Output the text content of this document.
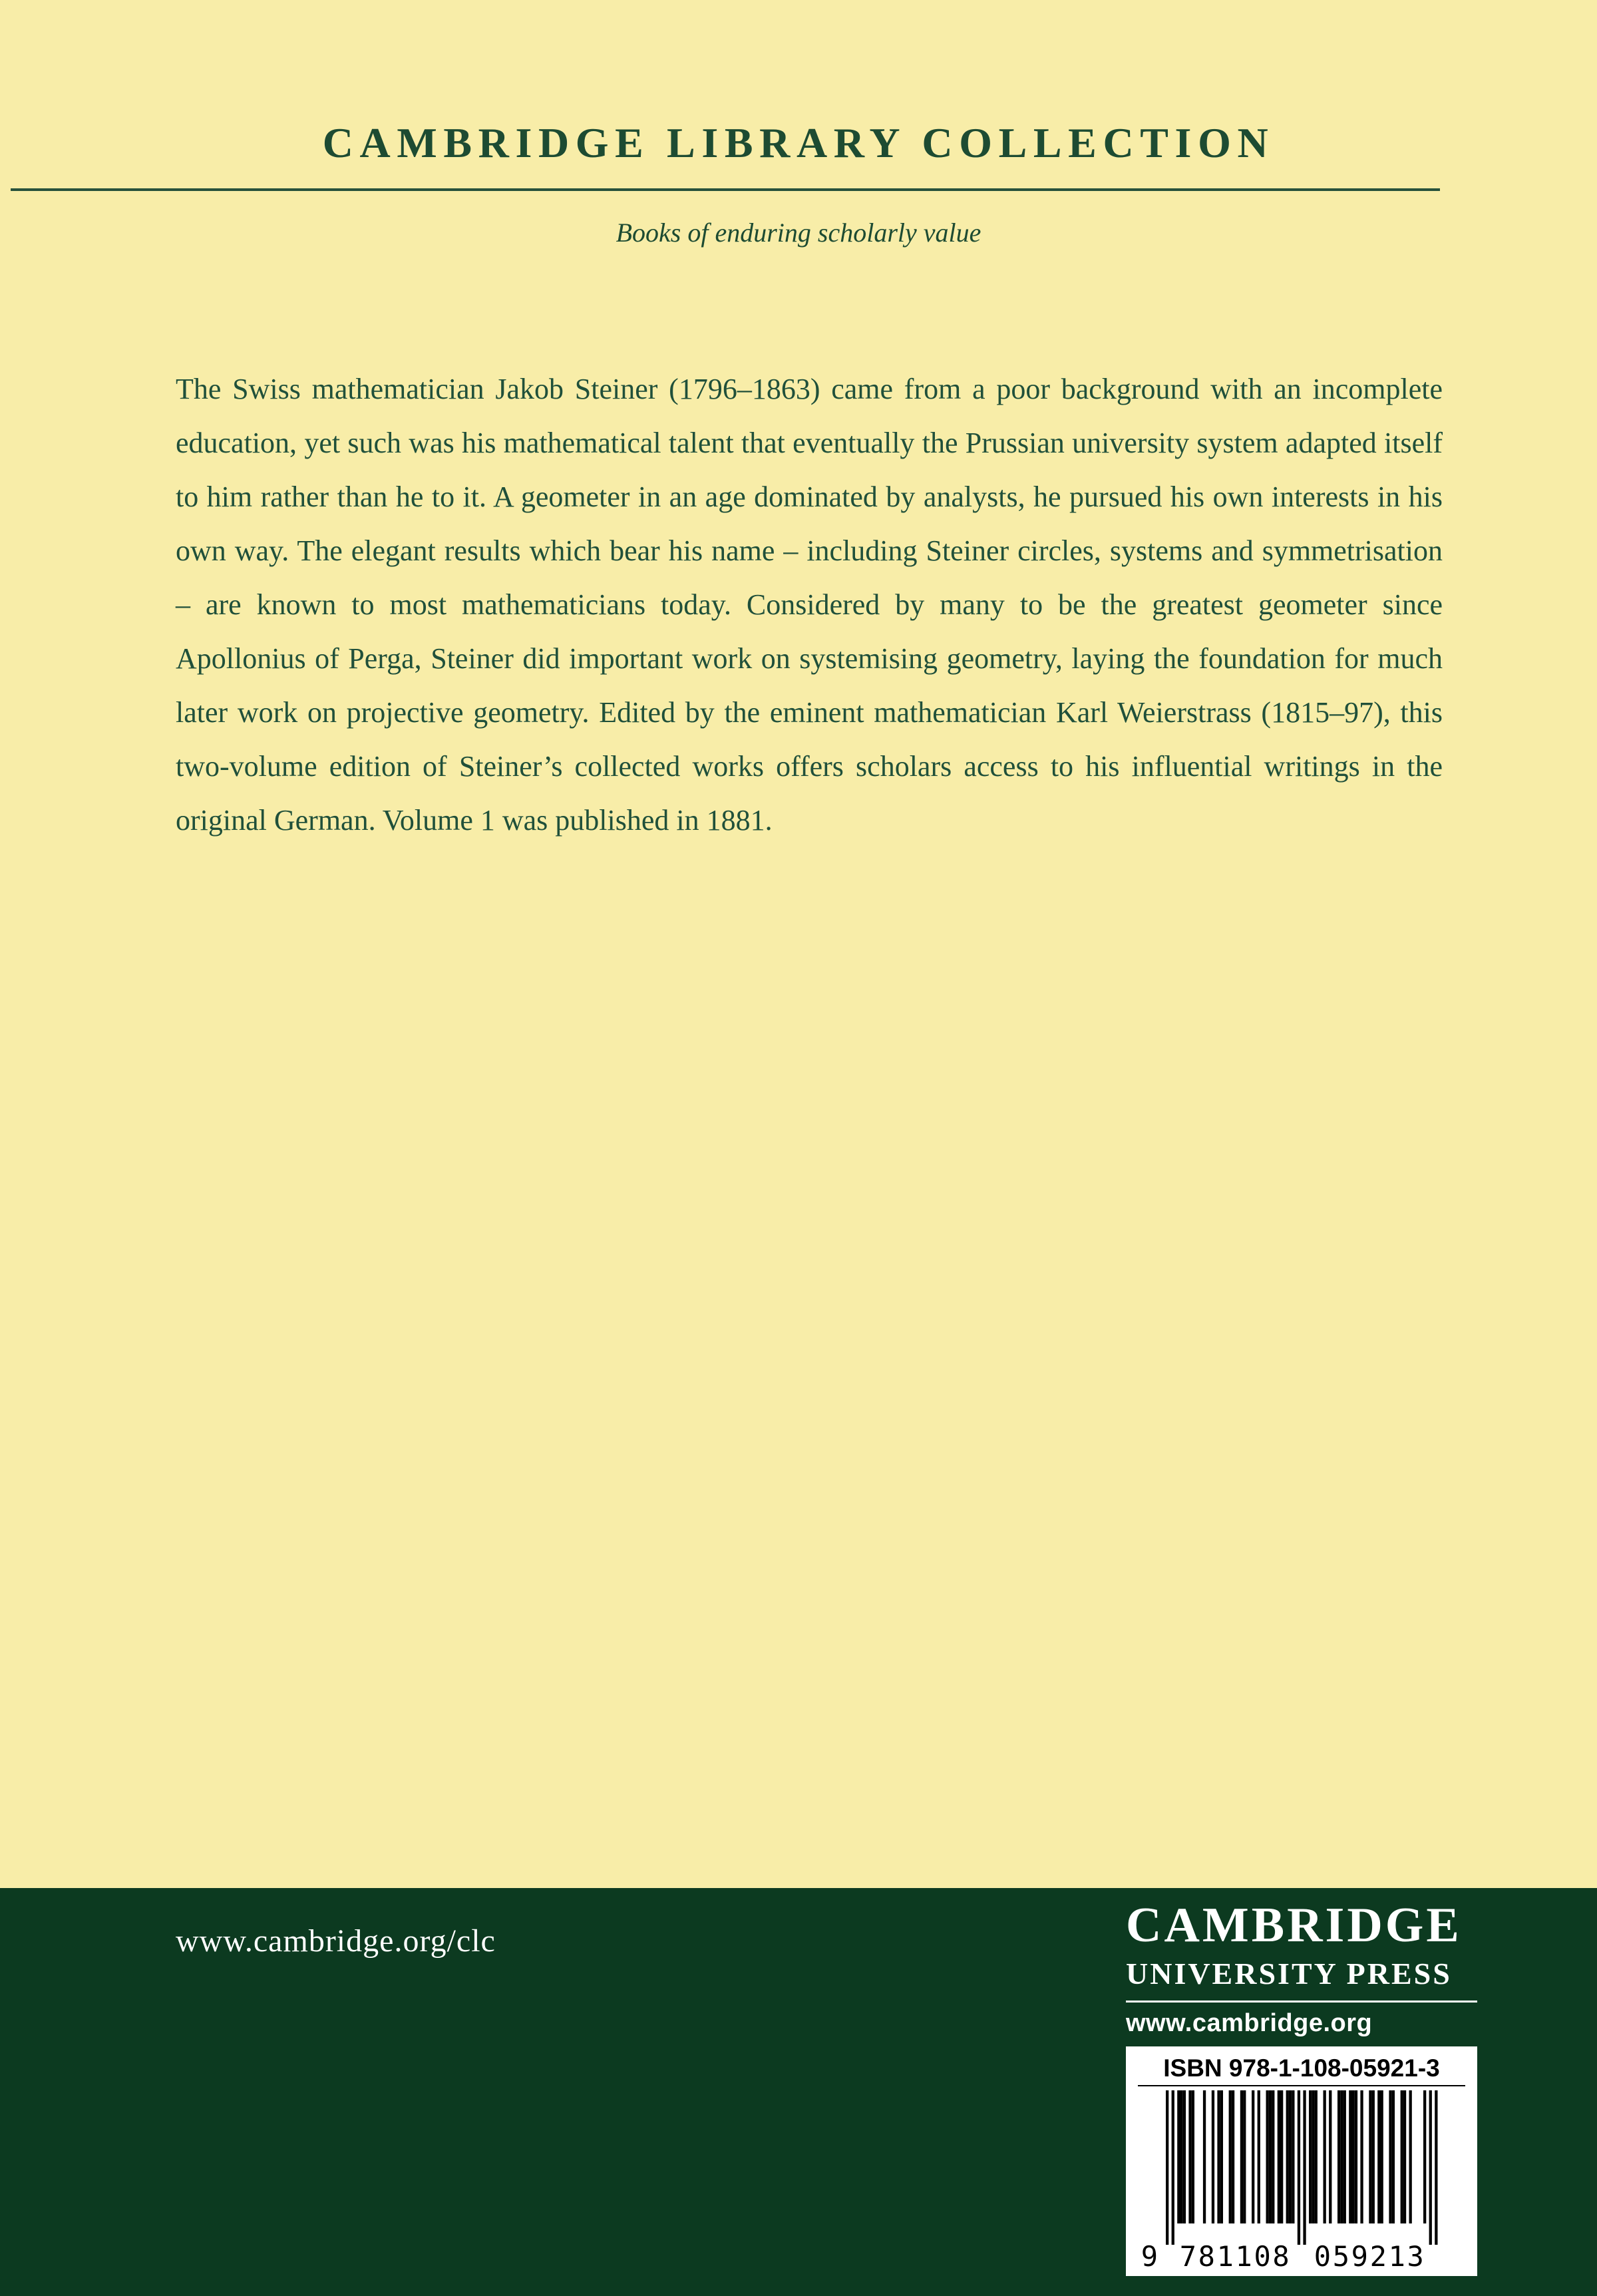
CAMBRIDGE LIBRARY COLLECTION
Books of enduring scholarly value

The Swiss mathematician Jakob Steiner (1796–1863) came from a poor background with an incomplete education, yet such was his mathematical talent that eventually the Prussian university system adapted itself to him rather than he to it. A geometer in an age dominated by analysts, he pursued his own interests in his own way. The elegant results which bear his name – including Steiner circles, systems and symmetrisation – are known to most mathematicians today. Considered by many to be the greatest geometer since Apollonius of Perga, Steiner did important work on systemising geometry, laying the foundation for much later work on projective geometry. Edited by the eminent mathematician Karl Weierstrass (1815–97), this two-volume edition of Steiner’s collected works offers scholars access to his influential writings in the original German. Volume 1 was published in 1881.

www.cambridge.org/clc	CAMBRIDGE
UNIVERSITY PRESS
www.cambridge.org
ISBN 978-1-108-05921-3
9 781108 059213
